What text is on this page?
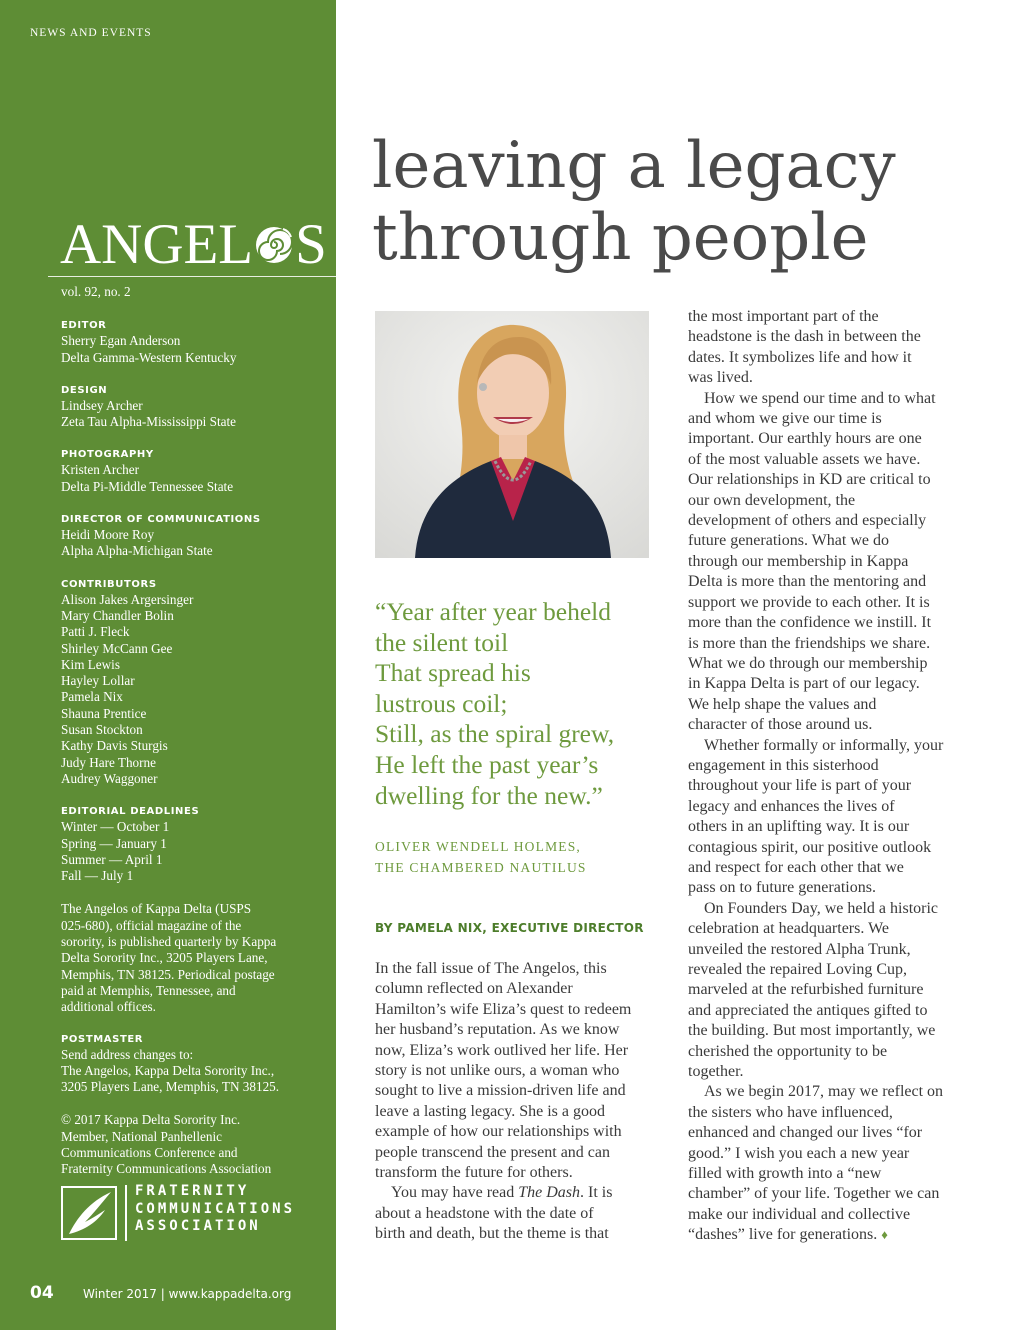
NEWS AND EVENTS
ANGEL S
vol. 92, no. 2
EDITOR
Sherry Egan Anderson
Delta Gamma-Western Kentucky
DESIGN
Lindsey Archer
Zeta Tau Alpha-Mississippi State
PHOTOGRAPHY
Kristen Archer
Delta Pi-Middle Tennessee State
DIRECTOR OF COMMUNICATIONS
Heidi Moore Roy
Alpha Alpha-Michigan State
CONTRIBUTORS
Alison Jakes Argersinger
Mary Chandler Bolin
Patti J. Fleck
Shirley McCann Gee
Kim Lewis
Hayley Lollar
Pamela Nix
Shauna Prentice
Susan Stockton
Kathy Davis Sturgis
Judy Hare Thorne
Audrey Waggoner
EDITORIAL DEADLINES
Winter — October 1
Spring — January 1
Summer — April 1
Fall — July 1
The Angelos of Kappa Delta (USPS
025-680), official magazine of the
sorority, is published quarterly by Kappa
Delta Sorority Inc., 3205 Players Lane,
Memphis, TN 38125. Periodical postage
paid at Memphis, Tennessee, and
additional offices.
POSTMASTER
Send address changes to:
The Angelos, Kappa Delta Sorority Inc.,
3205 Players Lane, Memphis, TN 38125.
© 2017 Kappa Delta Sorority Inc.
Member, National Panhellenic
Communications Conference and
Fraternity Communications Association
FRATERNITY
COMMUNICATIONS
ASSOCIATION
04 Winter 2017 | www.kappadelta.org
leaving a legacy
through people
“Year after year beheld
the silent toil
That spread his
lustrous coil;
Still, as the spiral grew,
He left the past year’s
dwelling for the new.”
OLIVER WENDELL HOLMES,
THE CHAMBERED NAUTILUS
BY PAMELA NIX, EXECUTIVE DIRECTOR
In the fall issue of The Angelos, this
column reflected on Alexander
Hamilton’s wife Eliza’s quest to redeem
her husband’s reputation. As we know
now, Eliza’s work outlived her life. Her
story is not unlike ours, a woman who
sought to live a mission-driven life and
leave a lasting legacy. She is a good
example of how our relationships with
people transcend the present and can
transform the future for others.
You may have read The Dash. It is
about a headstone with the date of
birth and death, but the theme is that
the most important part of the
headstone is the dash in between the
dates. It symbolizes life and how it
was lived.
How we spend our time and to what
and whom we give our time is
important. Our earthly hours are one
of the most valuable assets we have.
Our relationships in KD are critical to
our own development, the
development of others and especially
future generations. What we do
through our membership in Kappa
Delta is more than the mentoring and
support we provide to each other. It is
more than the confidence we instill. It
is more than the friendships we share.
What we do through our membership
in Kappa Delta is part of our legacy.
We help shape the values and
character of those around us.
Whether formally or informally, your
engagement in this sisterhood
throughout your life is part of your
legacy and enhances the lives of
others in an uplifting way. It is our
contagious spirit, our positive outlook
and respect for each other that we
pass on to future generations.
On Founders Day, we held a historic
celebration at headquarters. We
unveiled the restored Alpha Trunk,
revealed the repaired Loving Cup,
marveled at the refurbished furniture
and appreciated the antiques gifted to
the building. But most importantly, we
cherished the opportunity to be
together.
As we begin 2017, may we reflect on
the sisters who have influenced,
enhanced and changed our lives “for
good.” I wish you each a new year
filled with growth into a “new
chamber” of your life. Together we can
make our individual and collective
“dashes” live for generations. ♦
